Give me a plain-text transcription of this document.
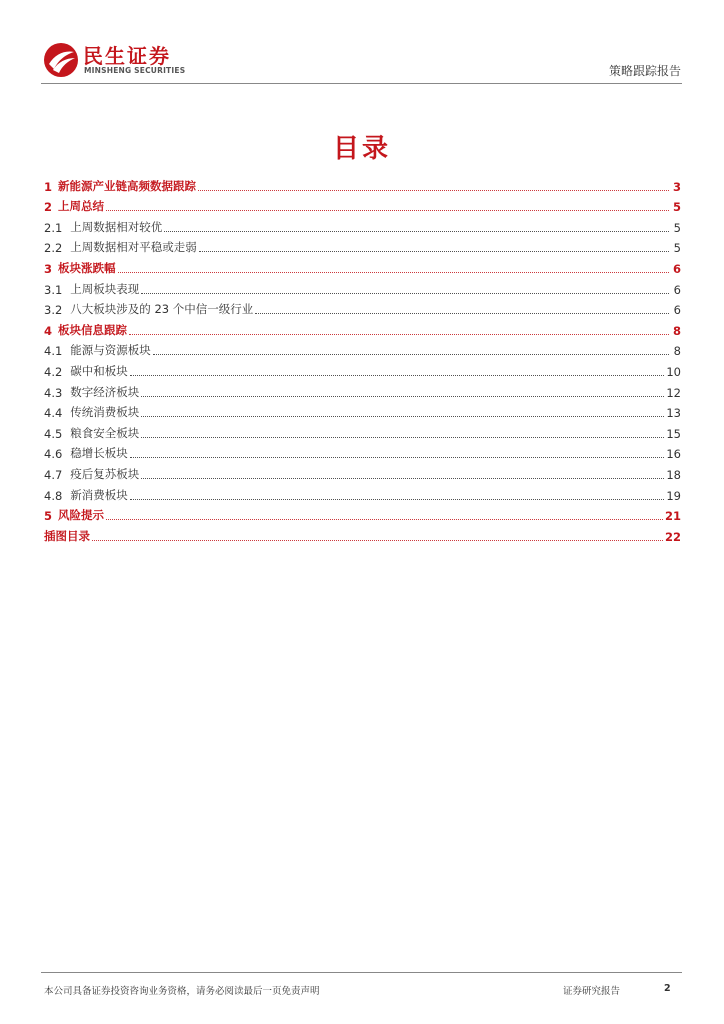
民生证券
MINSHENG SECURITIES	策略跟踪报告
目录
1 新能源产业链高频数据跟踪	3
2 上周总结	5
2.1 上周数据相对较优	5
2.2 上周数据相对平稳或走弱	5
3 板块涨跌幅	6
3.1 上周板块表现	6
3.2 八大板块涉及的 23 个中信一级行业	6
4 板块信息跟踪	8
4.1 能源与资源板块	8
4.2 碳中和板块	10
4.3 数字经济板块	12
4.4 传统消费板块	13
4.5 粮食安全板块	15
4.6 稳增长板块	16
4.7 疫后复苏板块	18
4.8 新消费板块	19
5 风险提示	21
插图目录	22
本公司具备证券投资咨询业务资格，请务必阅读最后一页免责声明	证券研究报告	2
